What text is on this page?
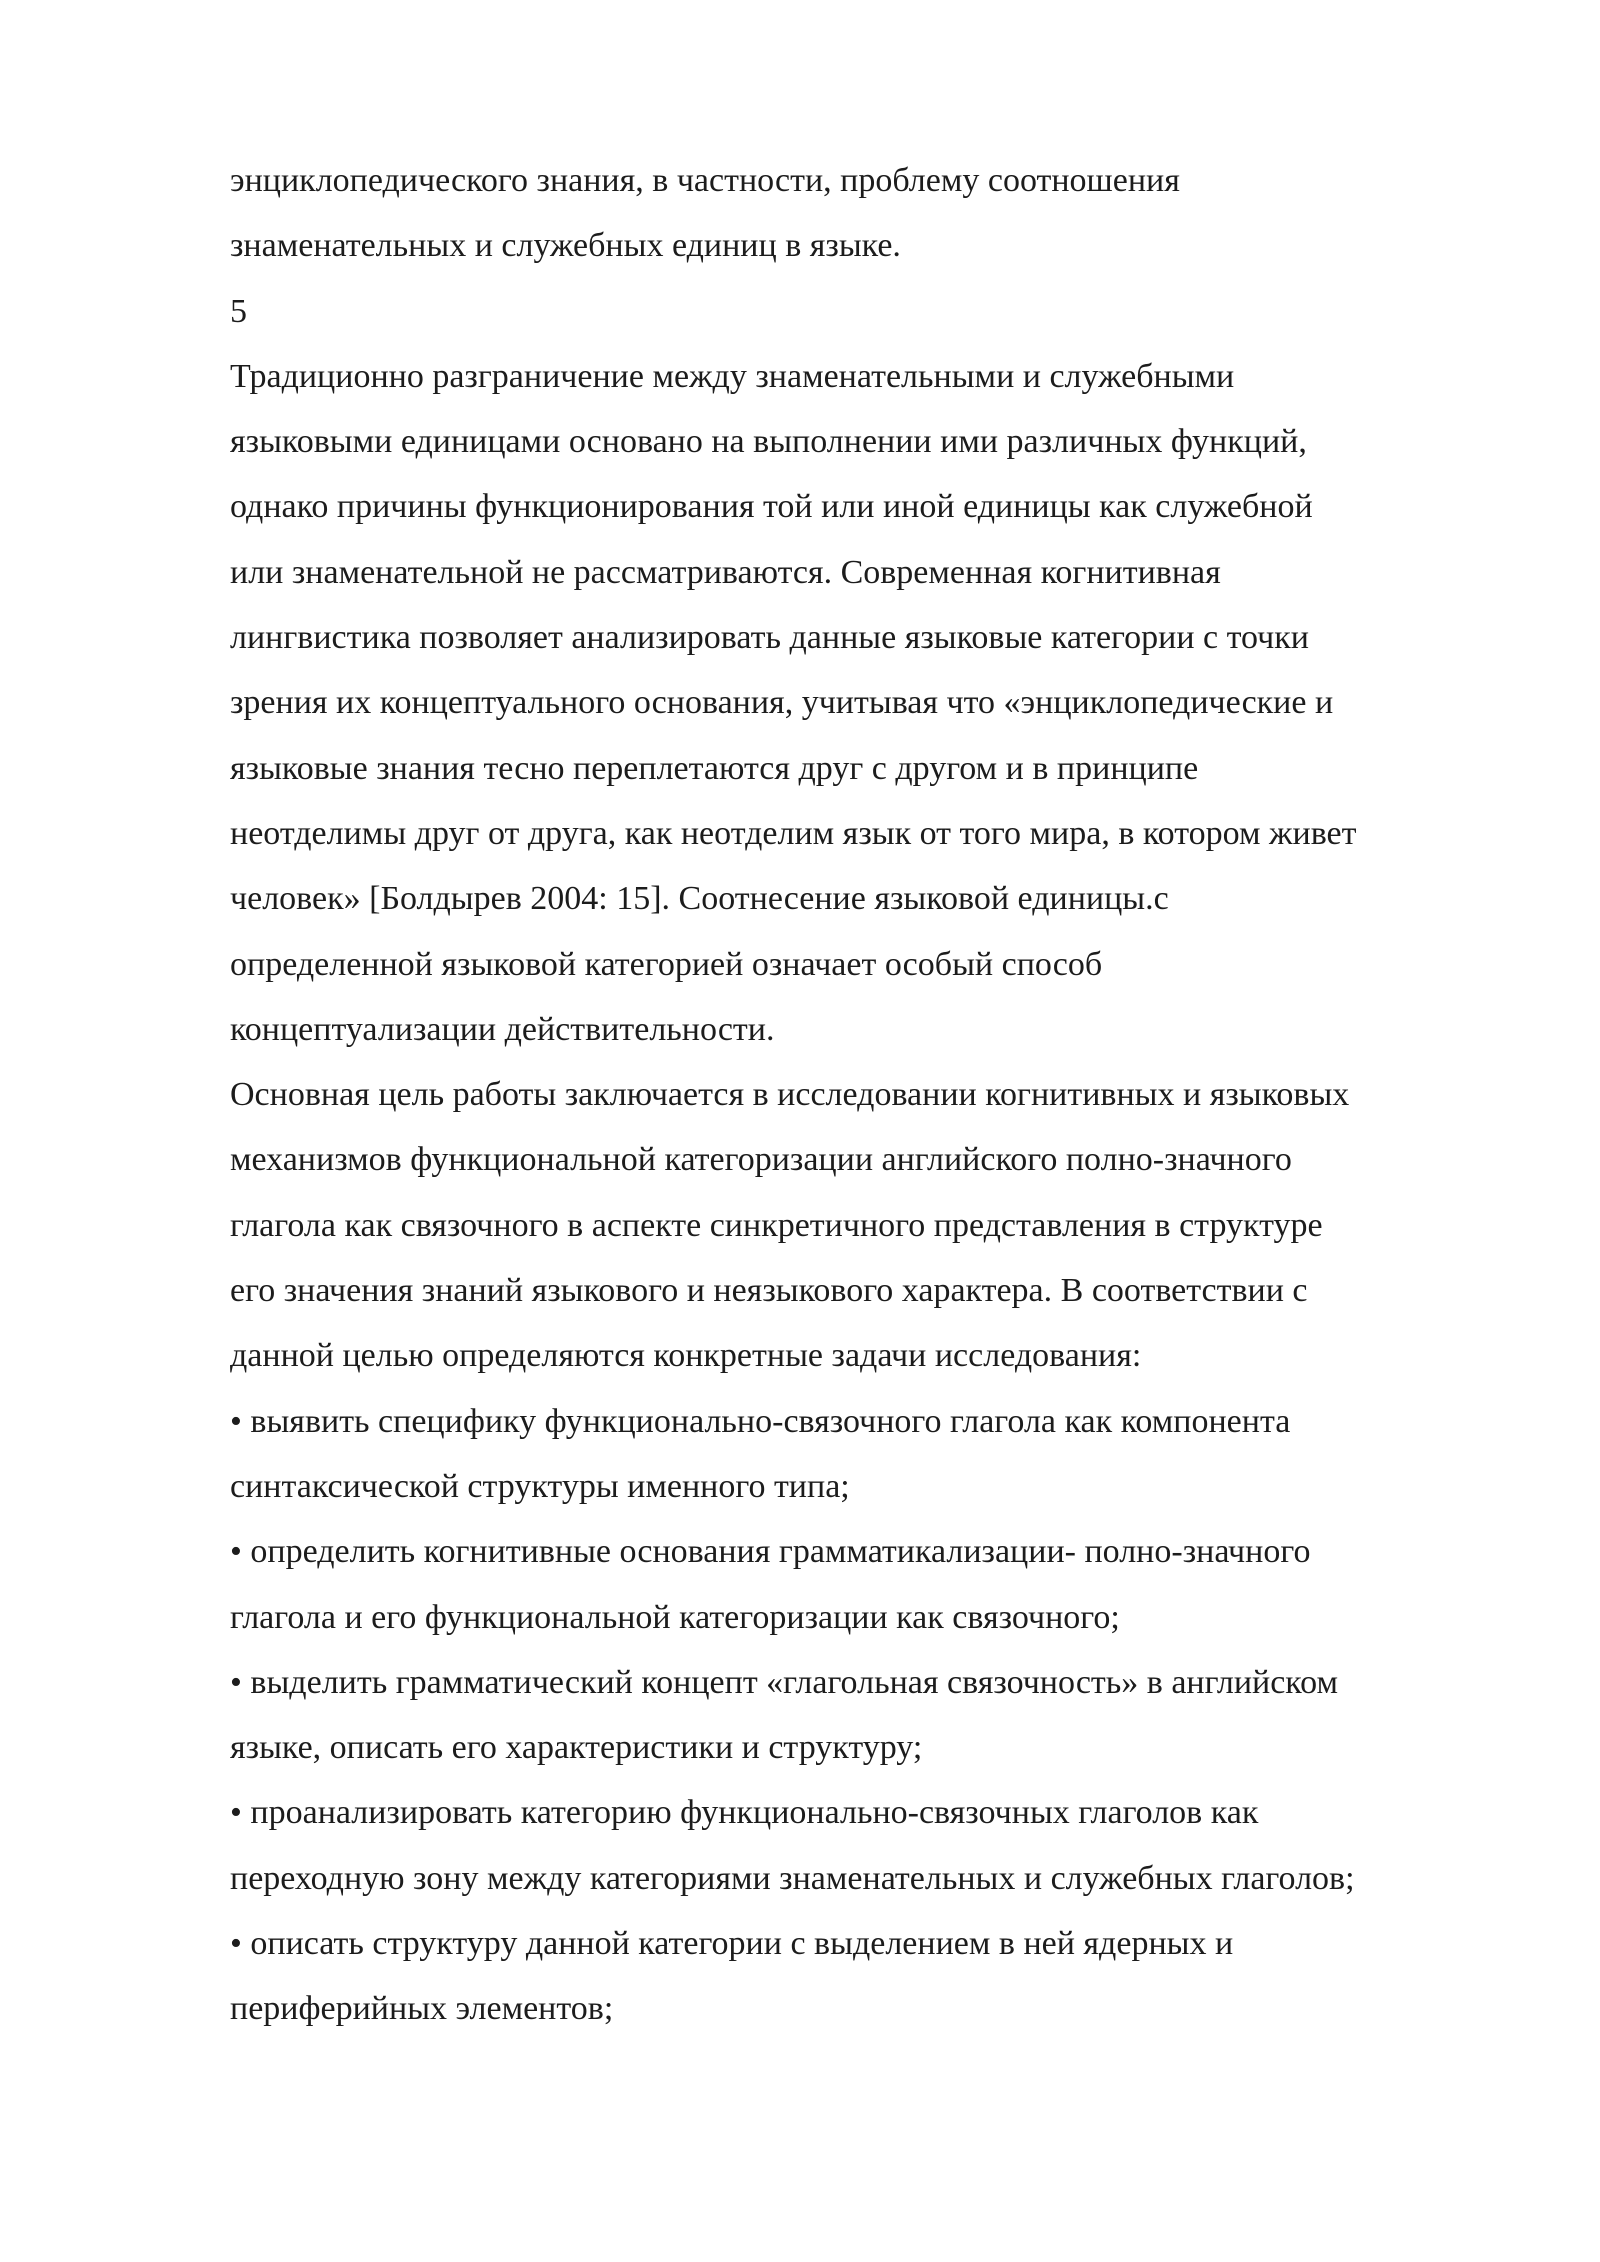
энциклопедического знания, в частности, проблему соотношения
знаменательных и служебных единиц в языке.
5
Традиционно разграничение между знаменательными и служебными
языковыми единицами основано на выполнении ими различных функций,
однако причины функционирования той или иной единицы как служебной
или знаменательной не рассматриваются. Современная когнитивная
лингвистика позволяет анализировать данные языковые категории с точки
зрения их концептуального основания, учитывая что «энциклопедические и
языковые знания тесно переплетаются друг с другом и в принципе
неотделимы друг от друга, как неотделим язык от того мира, в котором живет
человек» [Болдырев 2004: 15]. Соотнесение языковой единицы.с
определенной языковой категорией означает особый способ
концептуализации действительности.
Основная цель работы заключается в исследовании когнитивных и языковых
механизмов функциональной категоризации английского полно-значного
глагола как связочного в аспекте синкретичного представления в структуре
его значения знаний языкового и неязыкового характера. В соответствии с
данной целью определяются конкретные задачи исследования:
• выявить специфику функционально-связочного глагола как компонента
синтаксической структуры именного типа;
• определить когнитивные основания грамматикализации- полно-значного
глагола и его функциональной категоризации как связочного;
• выделить грамматический концепт «глагольная связочность» в английском
языке, описать его характеристики и структуру;
• проанализировать категорию функционально-связочных глаголов как
переходную зону между категориями знаменательных и служебных глаголов;
• описать структуру данной категории с выделением в ней ядерных и
периферийных элементов;
